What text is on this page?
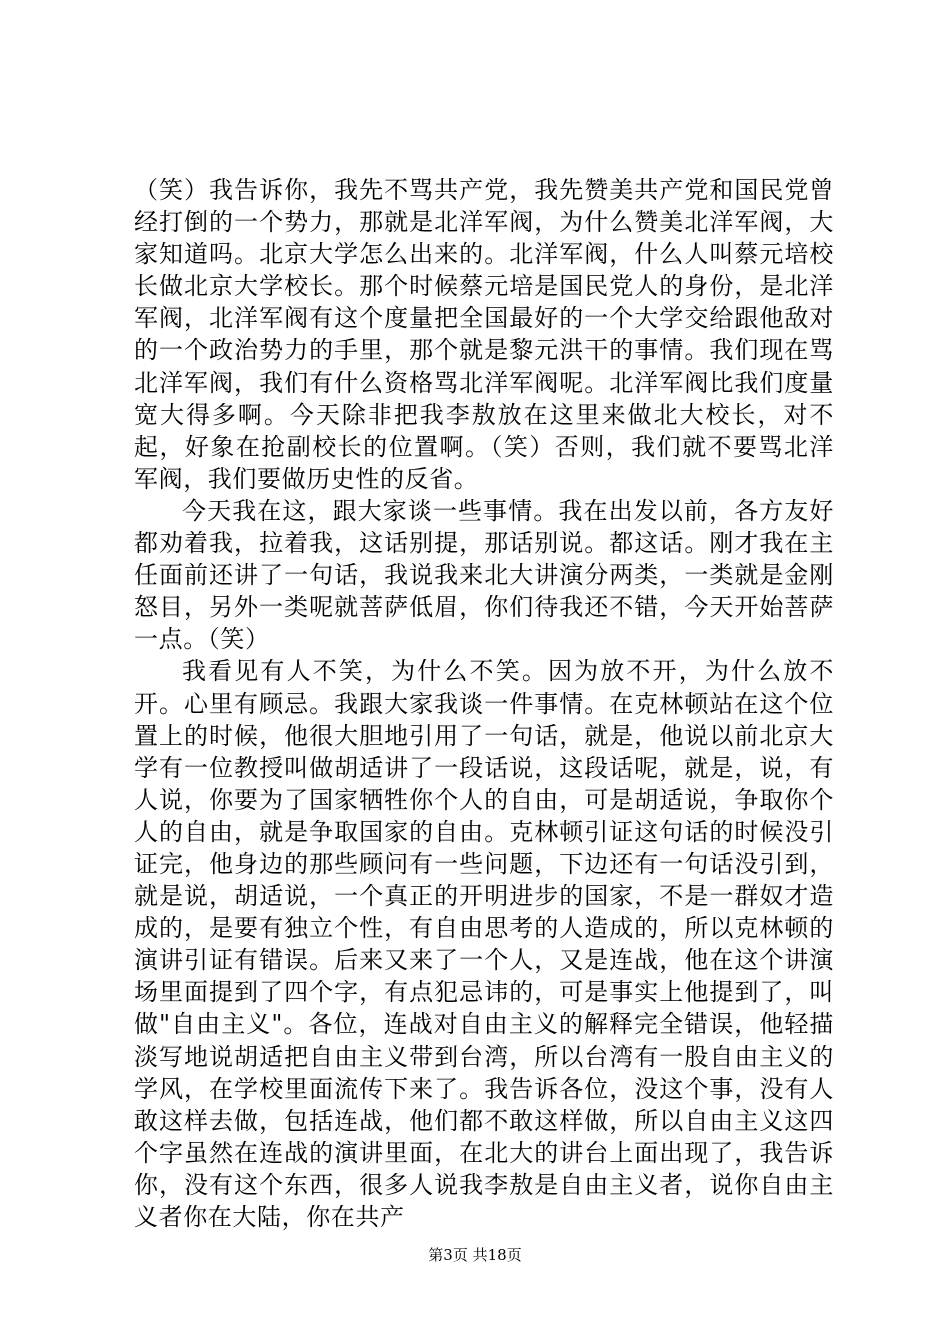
（笑）我告诉你，我先不骂共产党，我先赞美共产党和国民党曾经打倒的一个势力，那就是北洋军阀，为什么赞美北洋军阀，大家知道吗。北京大学怎么出来的。北洋军阀，什么人叫蔡元培校长做北京大学校长。那个时候蔡元培是国民党人的身份，是北洋军阀，北洋军阀有这个度量把全国最好的一个大学交给跟他敌对的一个政治势力的手里，那个就是黎元洪干的事情。我们现在骂北洋军阀，我们有什么资格骂北洋军阀呢。北洋军阀比我们度量宽大得多啊。今天除非把我李敖放在这里来做北大校长，对不起，好象在抢副校长的位置啊。（笑）否则，我们就不要骂北洋军阀，我们要做历史性的反省。

今天我在这，跟大家谈一些事情。我在出发以前，各方友好都劝着我，拉着我，这话别提，那话别说。都这话。刚才我在主任面前还讲了一句话，我说我来北大讲演分两类，一类就是金刚怒目，另外一类呢就菩萨低眉，你们待我还不错，今天开始菩萨一点。（笑）

我看见有人不笑，为什么不笑。因为放不开，为什么放不开。心里有顾忌。我跟大家我谈一件事情。在克林顿站在这个位置上的时候，他很大胆地引用了一句话，就是，他说以前北京大学有一位教授叫做胡适讲了一段话说，这段话呢，就是，说，有人说，你要为了国家牺牲你个人的自由，可是胡适说，争取你个人的自由，就是争取国家的自由。克林顿引证这句话的时候没引证完，他身边的那些顾问有一些问题，下边还有一句话没引到，就是说，胡适说，一个真正的开明进步的国家，不是一群奴才造成的，是要有独立个性，有自由思考的人造成的，所以克林顿的演讲引证有错误。后来又来了一个人，又是连战，他在这个讲演场里面提到了四个字，有点犯忌讳的，可是事实上他提到了，叫做"自由主义"。各位，连战对自由主义的解释完全错误，他轻描淡写地说胡适把自由主义带到台湾，所以台湾有一股自由主义的学风，在学校里面流传下来了。我告诉各位，没这个事，没有人敢这样去做，包括连战，他们都不敢这样做，所以自由主义这四个字虽然在连战的演讲里面，在北大的讲台上面出现了，我告诉你，没有这个东西，很多人说我李敖是自由主义者，说你自由主义者你在大陆，你在共产

第3页 共18页
